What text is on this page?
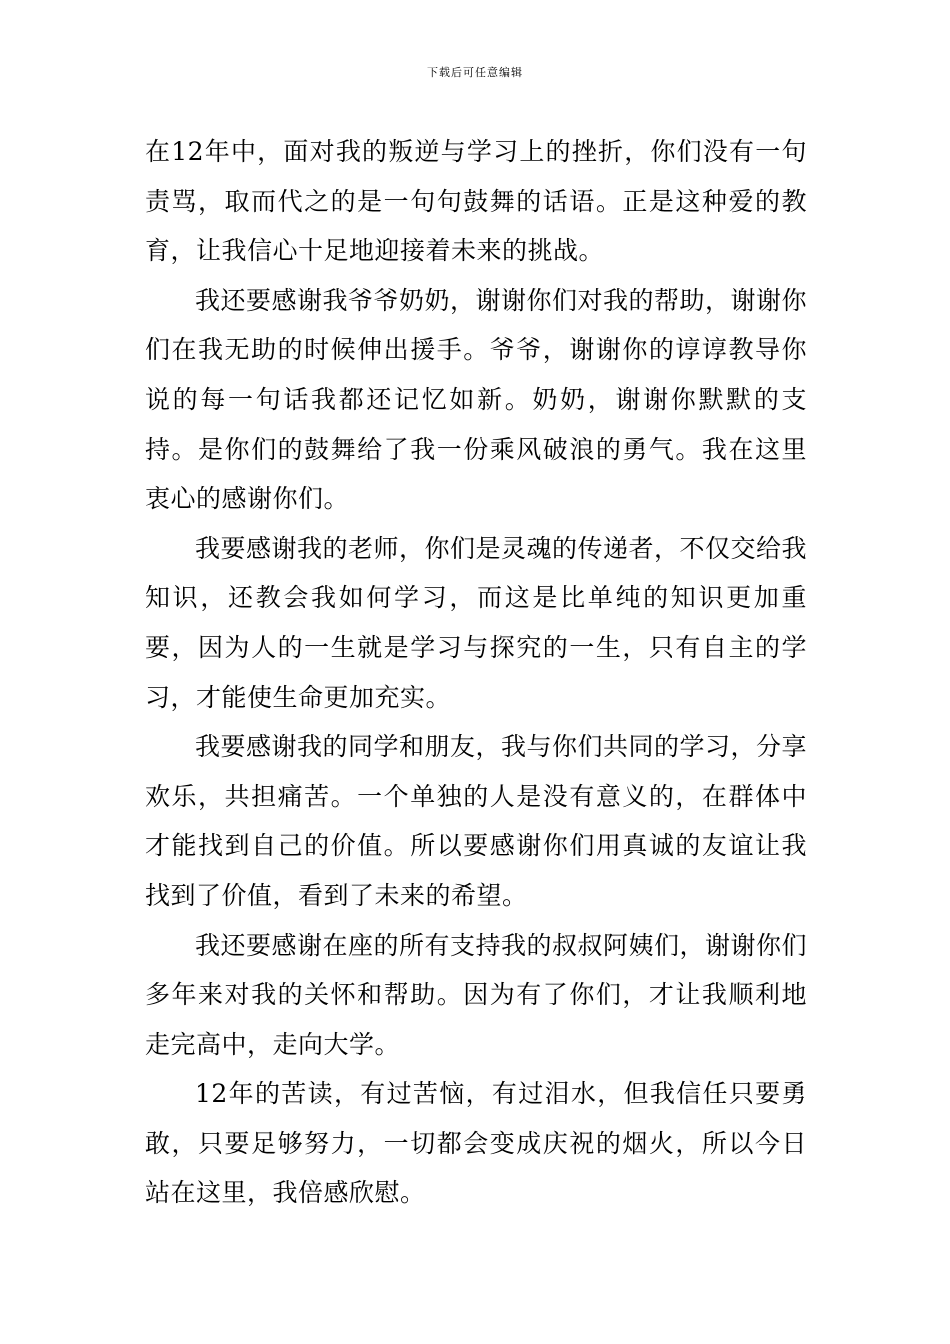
下载后可任意编辑

在12年中，面对我的叛逆与学习上的挫折，你们没有一句责骂，取而代之的是一句句鼓舞的话语。正是这种爱的教育，让我信心十足地迎接着未来的挑战。

我还要感谢我爷爷奶奶，谢谢你们对我的帮助，谢谢你们在我无助的时候伸出援手。爷爷，谢谢你的谆谆教导你说的每一句话我都还记忆如新。奶奶，谢谢你默默的支持。是你们的鼓舞给了我一份乘风破浪的勇气。我在这里衷心的感谢你们。

我要感谢我的老师，你们是灵魂的传递者，不仅交给我知识，还教会我如何学习，而这是比单纯的知识更加重要，因为人的一生就是学习与探究的一生，只有自主的学习，才能使生命更加充实。

我要感谢我的同学和朋友，我与你们共同的学习，分享欢乐，共担痛苦。一个单独的人是没有意义的，在群体中才能找到自己的价值。所以要感谢你们用真诚的友谊让我找到了价值，看到了未来的希望。

我还要感谢在座的所有支持我的叔叔阿姨们，谢谢你们多年来对我的关怀和帮助。因为有了你们，才让我顺利地走完高中，走向大学。

12年的苦读，有过苦恼，有过泪水，但我信任只要勇敢，只要足够努力，一切都会变成庆祝的烟火，所以今日站在这里，我倍感欣慰。
